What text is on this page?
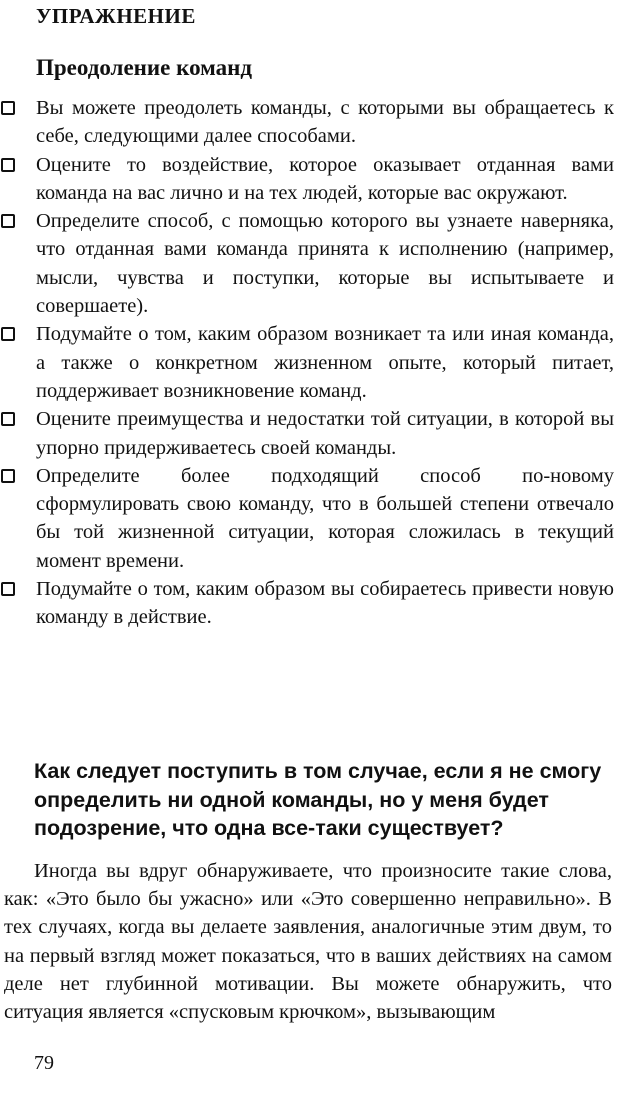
УПРАЖНЕНИЕ
Преодоление команд
Вы можете преодолеть команды, с которыми вы обращаетесь к себе, следующими далее способами.
Оцените то воздействие, которое оказывает отданная вами команда на вас лично и на тех людей, которые вас окружают.
Определите способ, с помощью которого вы узнаете наверняка, что отданная вами команда принята к исполнению (например, мысли, чувства и поступки, которые вы испытываете и совершаете).
Подумайте о том, каким образом возникает та или иная команда, а также о конкретном жизненном опыте, который питает, поддерживает возникновение команд.
Оцените преимущества и недостатки той ситуации, в которой вы упорно придерживаетесь своей команды.
Определите более подходящий способ по-новому сформулировать свою команду, что в большей степени отвечало бы той жизненной ситуации, которая сложилась в текущий момент времени.
Подумайте о том, каким образом вы собираетесь привести новую команду в действие.
Как следует поступить в том случае, если я не смогу определить ни одной команды, но у меня будет подозрение, что одна все-таки существует?

Иногда вы вдруг обнаруживаете, что произносите такие слова, как: «Это было бы ужасно» или «Это совершенно неправильно». В тех случаях, когда вы делаете заявления, аналогичные этим двум, то на первый взгляд может показаться, что в ваших действиях на самом деле нет глубинной мотивации. Вы можете обнаружить, что ситуация является «спусковым крючком», вызывающим

79
